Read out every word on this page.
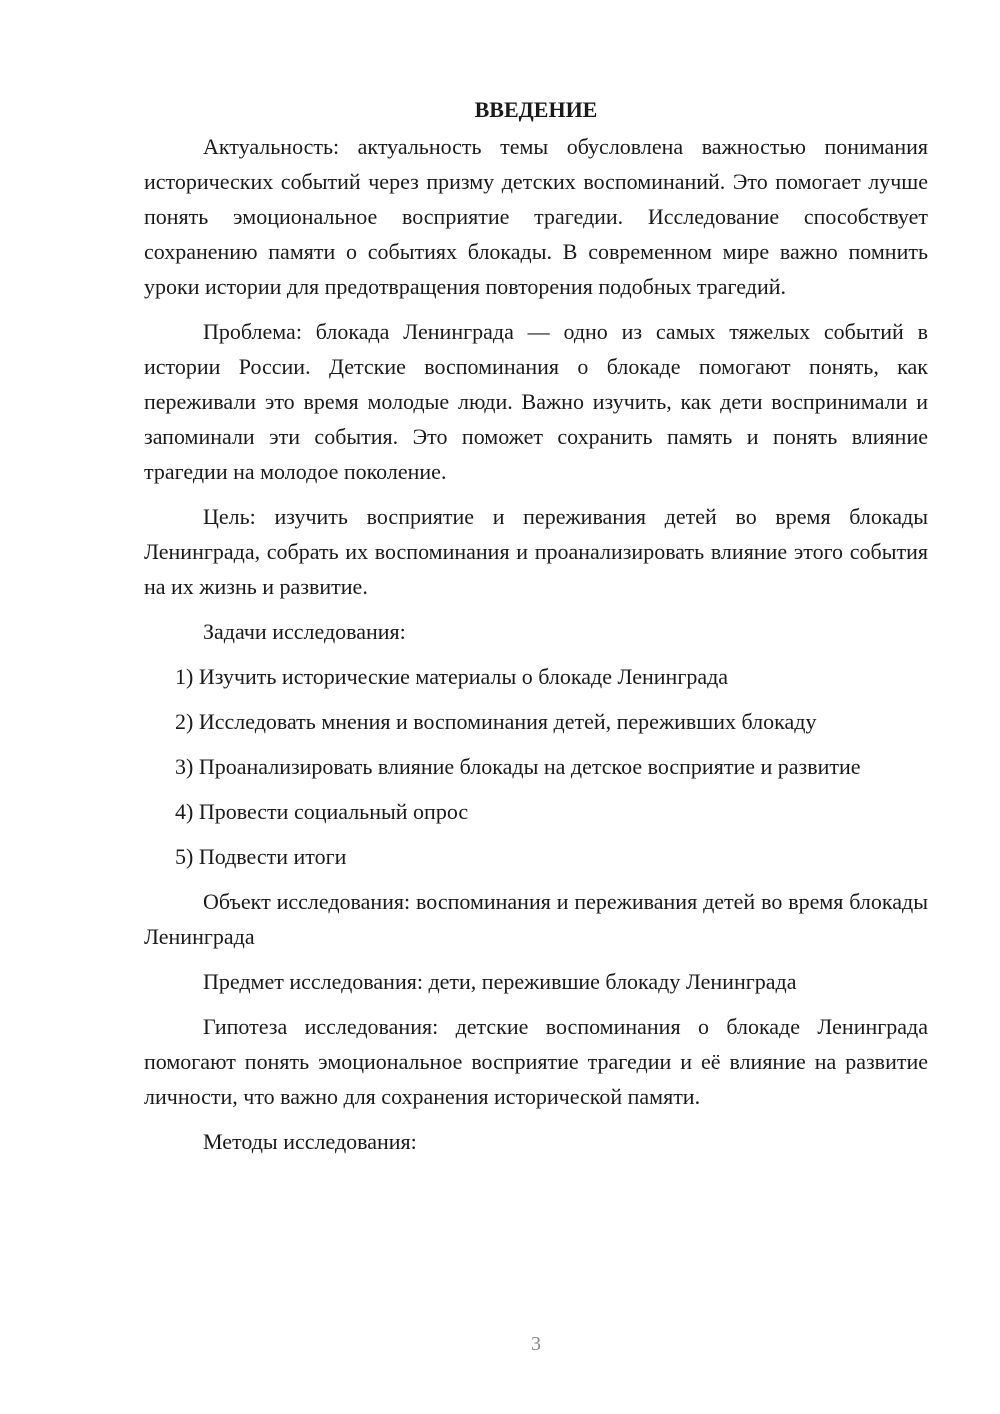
ВВЕДЕНИЕ

Актуальность: актуальность темы обусловлена важностью понимания исторических событий через призму детских воспоминаний. Это помогает лучше понять эмоциональное восприятие трагедии. Исследование способствует сохранению памяти о событиях блокады. В современном мире важно помнить уроки истории для предотвращения повторения подобных трагедий.

Проблема: блокада Ленинграда — одно из самых тяжелых событий в истории России. Детские воспоминания о блокаде помогают понять, как переживали это время молодые люди. Важно изучить, как дети воспринимали и запоминали эти события. Это поможет сохранить память и понять влияние трагедии на молодое поколение.

Цель: изучить восприятие и переживания детей во время блокады Ленинграда, собрать их воспоминания и проанализировать влияние этого события на их жизнь и развитие.

Задачи исследования:

1) Изучить исторические материалы о блокаде Ленинграда

2) Исследовать мнения и воспоминания детей, переживших блокаду

3) Проанализировать влияние блокады на детское восприятие и развитие

4) Провести социальный опрос

5) Подвести итоги

Объект исследования: воспоминания и переживания детей во время блокады Ленинграда

Предмет исследования: дети, пережившие блокаду Ленинграда

Гипотеза исследования: детские воспоминания о блокаде Ленинграда помогают понять эмоциональное восприятие трагедии и её влияние на развитие личности, что важно для сохранения исторической памяти.

Методы исследования:

3
